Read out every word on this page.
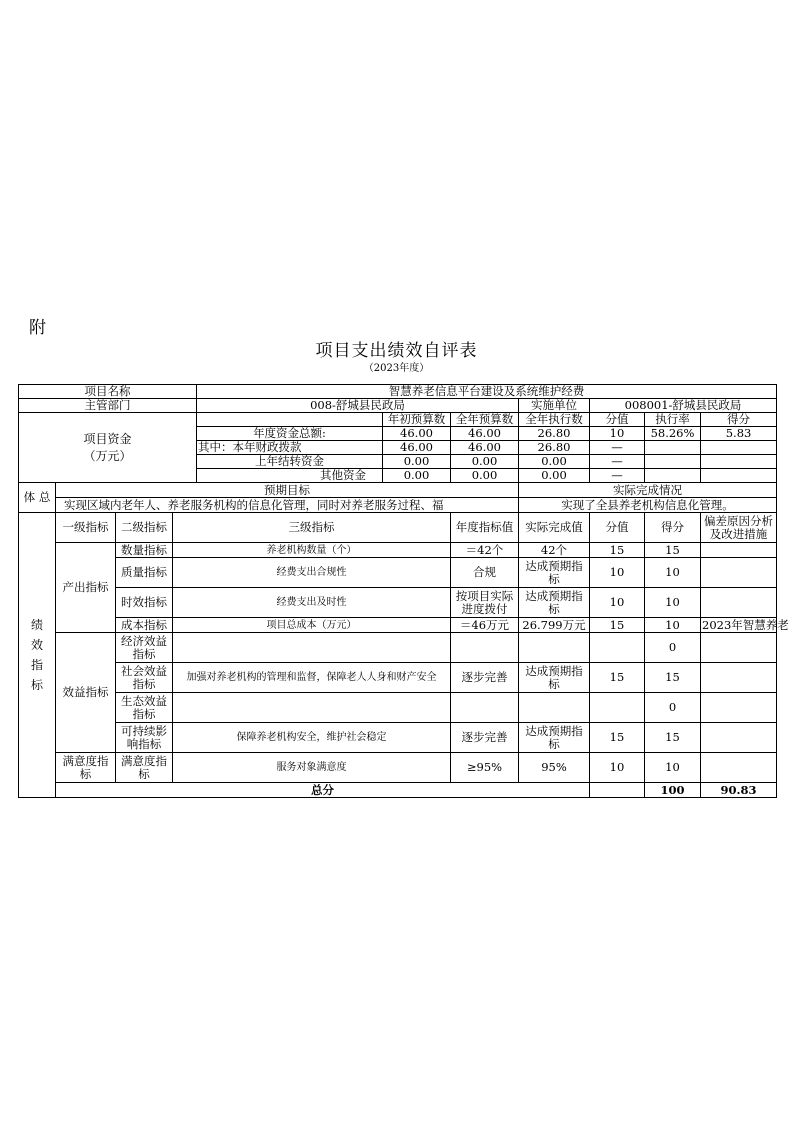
附
项目支出绩效自评表
（2023年度）
项目名称				智慧养老信息平台建设及系统维护经费							
主管部门				008-舒城县民政局			实施单位	008001-舒城县民政局			

项目资金
（万元）					年初预算数	全年预算数	全年执行数	分值	执行率	得分	
				年度资金总额:	46.00	46.00	26.80	10	58.26%	5.83	
				其中：本年财政拨款	46.00	46.00	26.80	—			
				上年结转资金	0.00	0.00	0.00	—			
				其他资金	0.00	0.00	0.00	—			
体 总	预期目标						实际完成情况				
	实现区域内老年人、养老服务机构的信息化管理，同时对养老服务过程、福						实现了全县养老机构信息化管理。				
绩效指标	一级指标	二级指标	三级指标			年度指标值	实际完成值	分值	得分	偏差原因分析及改进措施	
	产出指标	数量指标	养老机构数量（个）			＝42个	42个	15	15		
		质量指标	经费支出合规性			合规	达成预期指标	10	10		
		时效指标	经费支出及时性			按项目实际进度拨付	达成预期指标	10	10		
		成本指标	项目总成本（万元）			＝46万元	26.799万元	15	10	2023年智慧养老	
	效益指标	经济效益指标							0		
		社会效益指标	加强对养老机构的管理和监督，保障老人人身和财产安全			逐步完善	达成预期指标	15	15		
		生态效益指标							0		
		可持续影响指标	保障养老机构安全，维护社会稳定			逐步完善	达成预期指标	15	15		
	满意度指标	满意度指标	服务对象满意度			≥95%	95%	10	10		
	总分								100	90.83	
